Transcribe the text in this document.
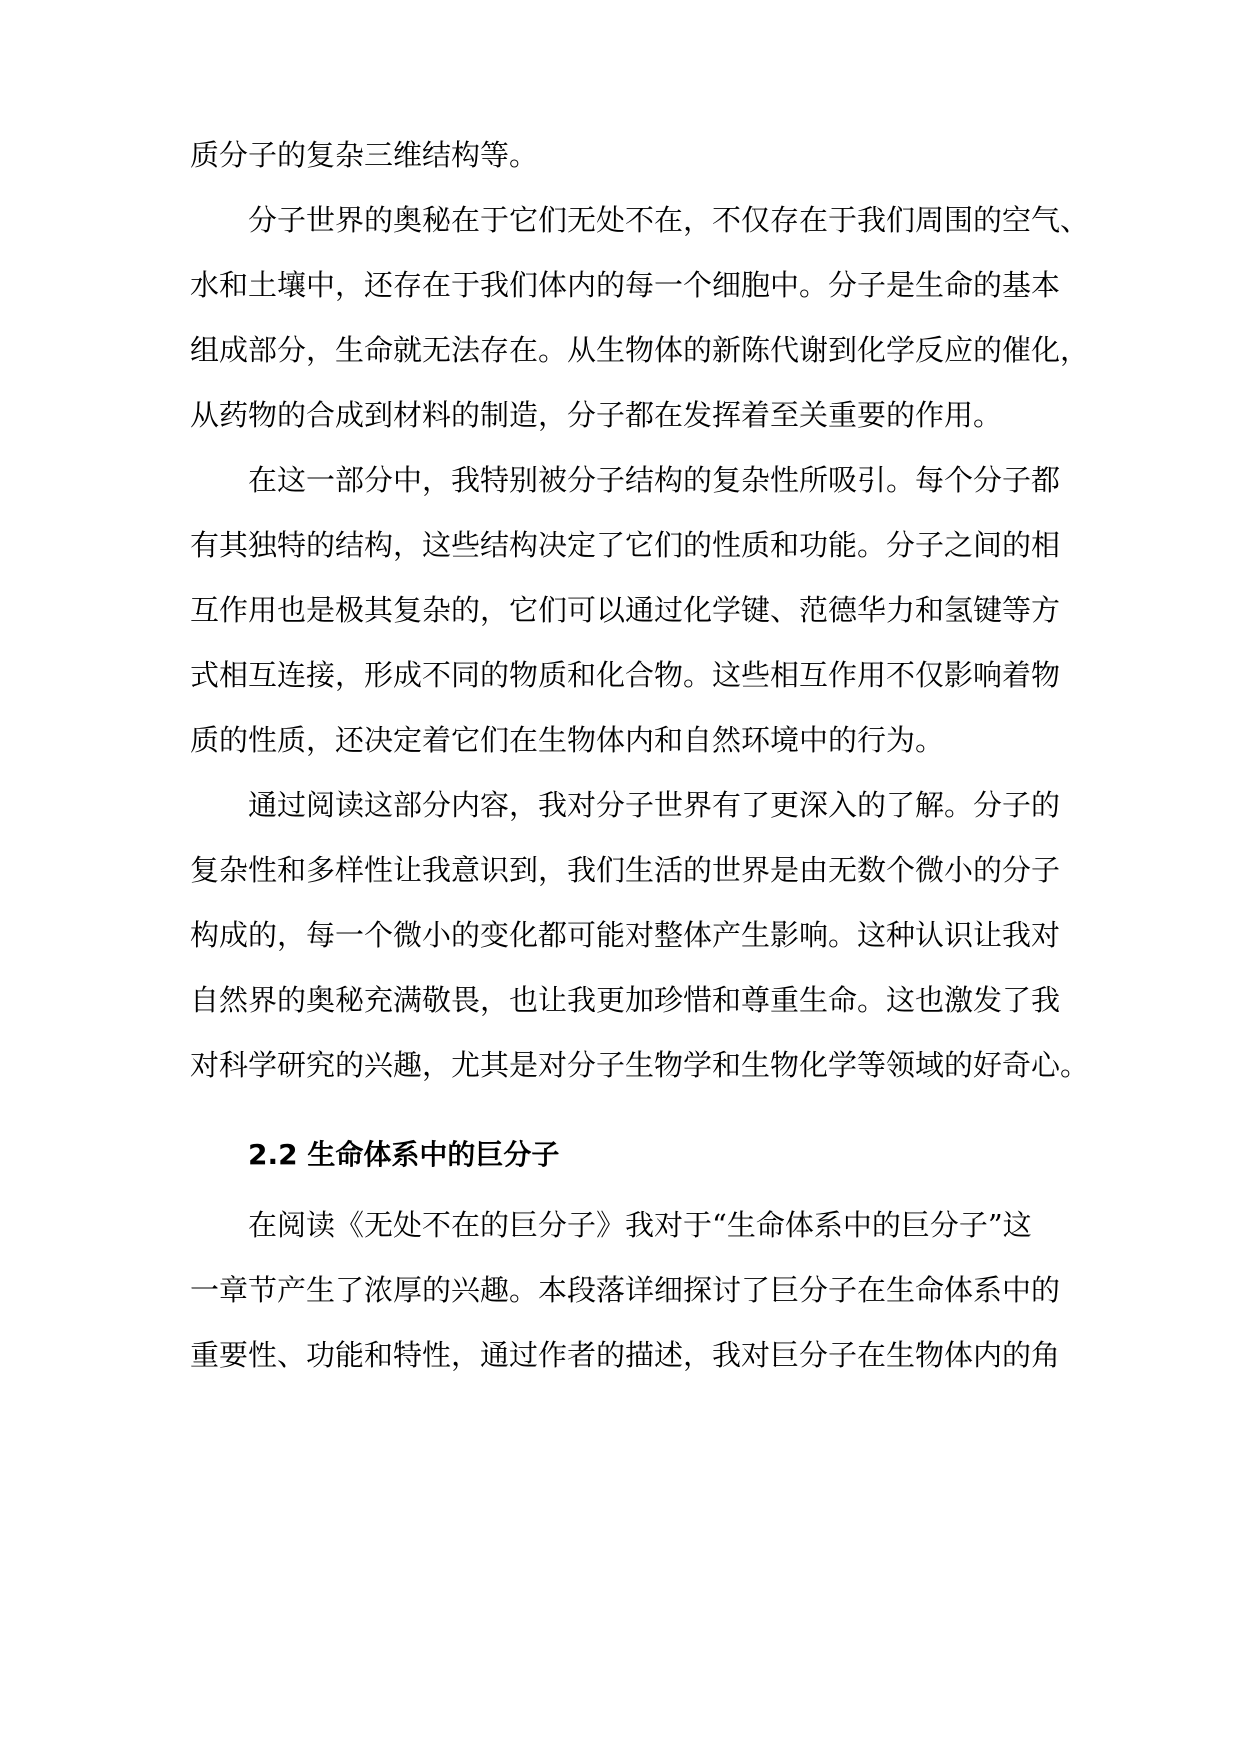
质分子的复杂三维结构等。
分子世界的奥秘在于它们无处不在，不仅存在于我们周围的空气、
水和土壤中，还存在于我们体内的每一个细胞中。分子是生命的基本
组成部分，生命就无法存在。从生物体的新陈代谢到化学反应的催化，
从药物的合成到材料的制造，分子都在发挥着至关重要的作用。
在这一部分中，我特别被分子结构的复杂性所吸引。每个分子都
有其独特的结构，这些结构决定了它们的性质和功能。分子之间的相
互作用也是极其复杂的，它们可以通过化学键、范德华力和氢键等方
式相互连接，形成不同的物质和化合物。这些相互作用不仅影响着物
质的性质，还决定着它们在生物体内和自然环境中的行为。
通过阅读这部分内容，我对分子世界有了更深入的了解。分子的
复杂性和多样性让我意识到，我们生活的世界是由无数个微小的分子
构成的，每一个微小的变化都可能对整体产生影响。这种认识让我对
自然界的奥秘充满敬畏，也让我更加珍惜和尊重生命。这也激发了我
对科学研究的兴趣，尤其是对分子生物学和生物化学等领域的好奇心。
2.2 生命体系中的巨分子
在阅读《无处不在的巨分子》我对于“生命体系中的巨分子”这
一章节产生了浓厚的兴趣。本段落详细探讨了巨分子在生命体系中的
重要性、功能和特性，通过作者的描述，我对巨分子在生物体内的角
